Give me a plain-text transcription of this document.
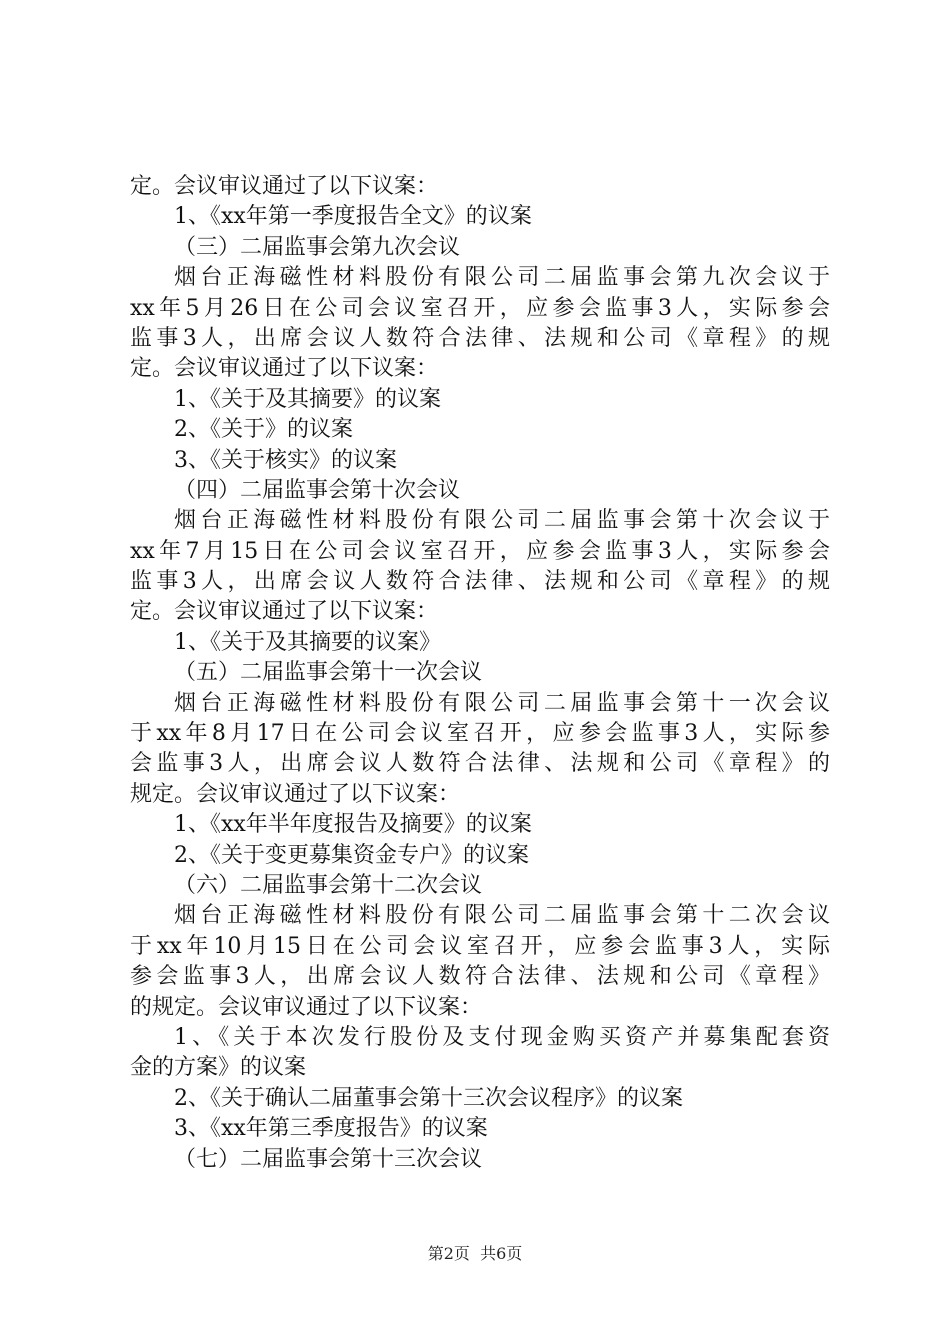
定。会议审议通过了以下议案：
1、《xx年第一季度报告全文》的议案
（三）二届监事会第九次会议
烟台正海磁性材料股份有限公司二届监事会第九次会议于
xx年5月26日在公司会议室召开，应参会监事3人，实际参会
监事3人，出席会议人数符合法律、法规和公司《章程》的规
定。会议审议通过了以下议案：
1、《关于及其摘要》的议案
2、《关于》的议案
3、《关于核实》的议案
（四）二届监事会第十次会议
烟台正海磁性材料股份有限公司二届监事会第十次会议于
xx年7月15日在公司会议室召开，应参会监事3人，实际参会
监事3人，出席会议人数符合法律、法规和公司《章程》的规
定。会议审议通过了以下议案：
1、《关于及其摘要的议案》
（五）二届监事会第十一次会议
烟台正海磁性材料股份有限公司二届监事会第十一次会议
于xx年8月17日在公司会议室召开，应参会监事3人，实际参
会监事3人，出席会议人数符合法律、法规和公司《章程》的
规定。会议审议通过了以下议案：
1、《xx年半年度报告及摘要》的议案
2、《关于变更募集资金专户》的议案
（六）二届监事会第十二次会议
烟台正海磁性材料股份有限公司二届监事会第十二次会议
于xx年10月15日在公司会议室召开，应参会监事3人，实际
参会监事3人，出席会议人数符合法律、法规和公司《章程》
的规定。会议审议通过了以下议案：
1、《关于本次发行股份及支付现金购买资产并募集配套资
金的方案》的议案
2、《关于确认二届董事会第十三次会议程序》的议案
3、《xx年第三季度报告》的议案
（七）二届监事会第十三次会议
第2页  共6页
